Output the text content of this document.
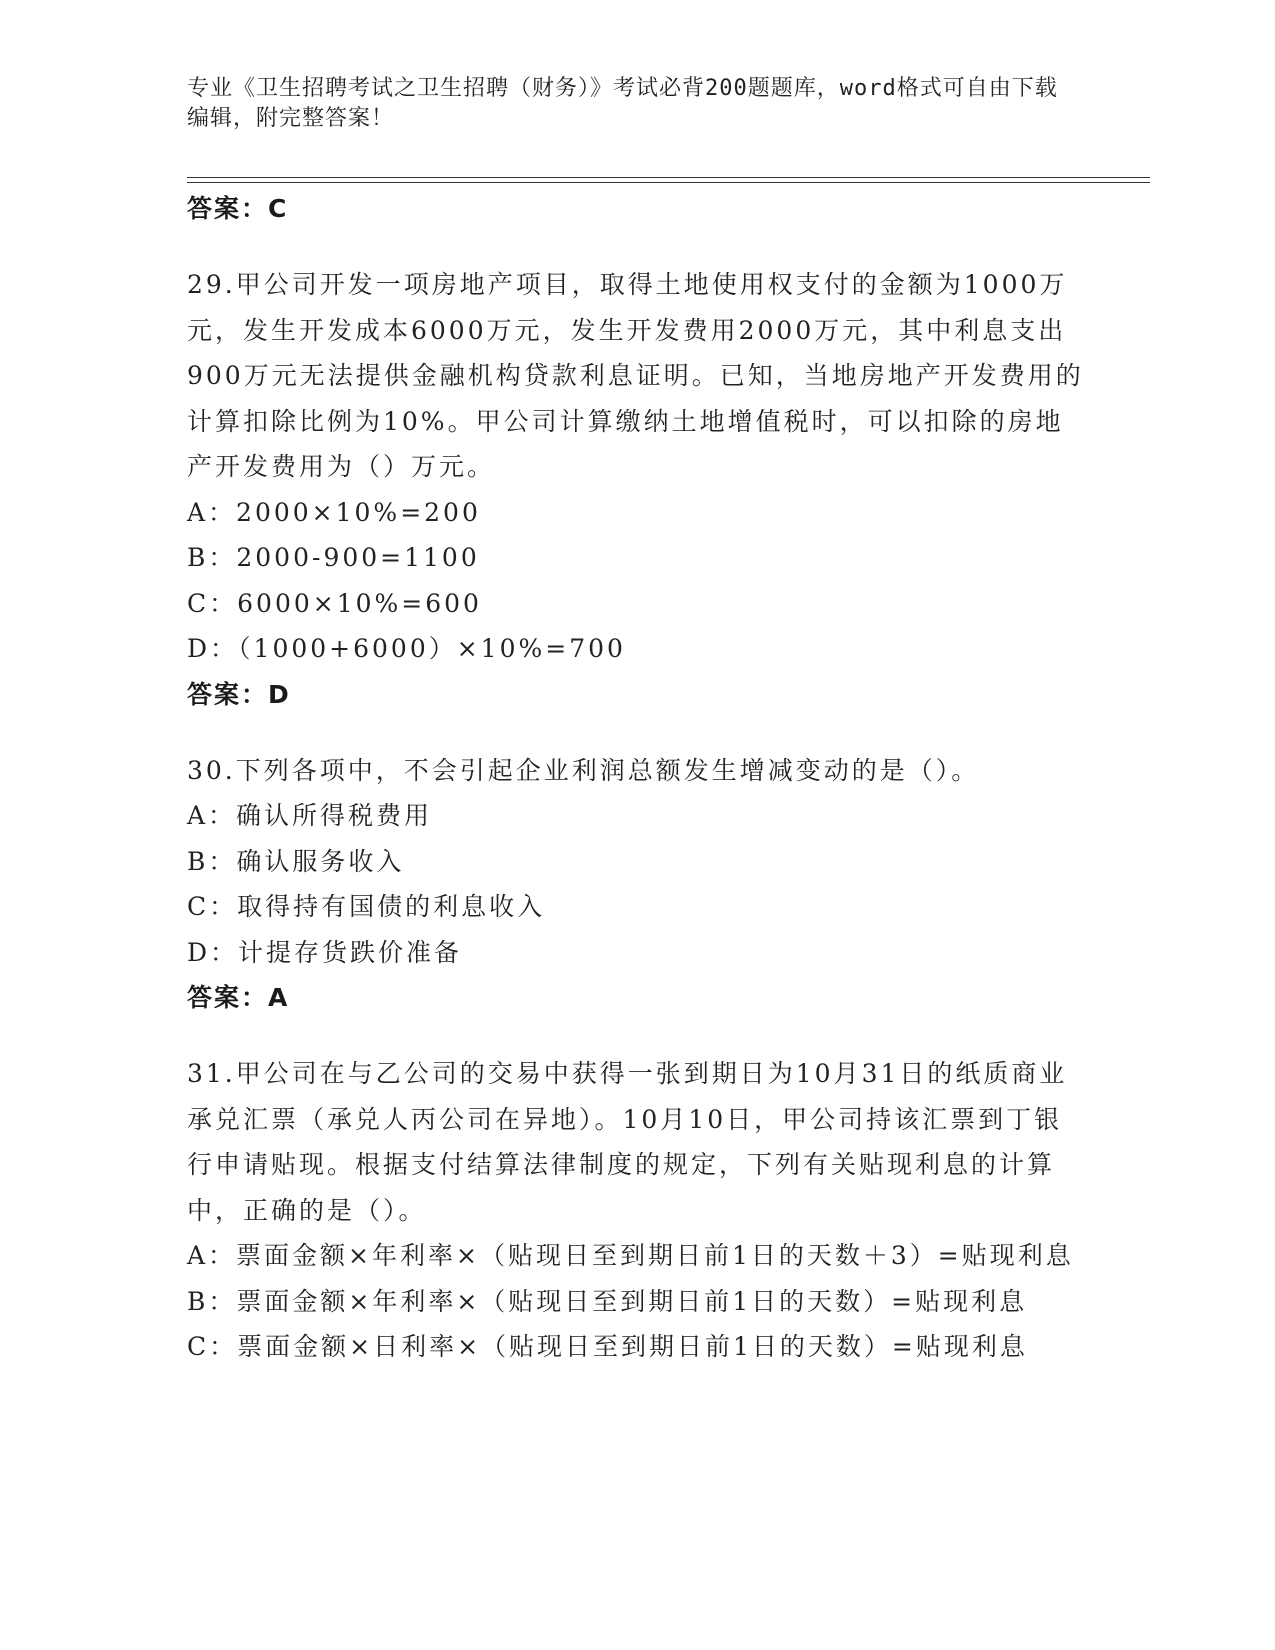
专业《卫生招聘考试之卫生招聘（财务）》考试必背200题题库，word格式可自由下载编辑，附完整答案！
答案：C
29.甲公司开发一项房地产项目，取得土地使用权支付的金额为1000万元，发生开发成本6000万元，发生开发费用2000万元，其中利息支出900万元无法提供金融机构贷款利息证明。已知，当地房地产开发费用的计算扣除比例为10%。甲公司计算缴纳土地增值税时，可以扣除的房地产开发费用为（）万元。
A：2000×10%=200
B：2000-900=1100
C：6000×10%=600
D：（1000+6000）×10%=700
答案：D
30.下列各项中，不会引起企业利润总额发生增减变动的是（）。
A：确认所得税费用
B：确认服务收入
C：取得持有国债的利息收入
D：计提存货跌价准备
答案：A
31.甲公司在与乙公司的交易中获得一张到期日为10月31日的纸质商业承兑汇票（承兑人丙公司在异地）。10月10日，甲公司持该汇票到丁银行申请贴现。根据支付结算法律制度的规定，下列有关贴现利息的计算中，正确的是（）。
A：票面金额×年利率×（贴现日至到期日前1日的天数＋3）=贴现利息
B：票面金额×年利率×（贴现日至到期日前1日的天数）=贴现利息
C：票面金额×日利率×（贴现日至到期日前1日的天数）=贴现利息
